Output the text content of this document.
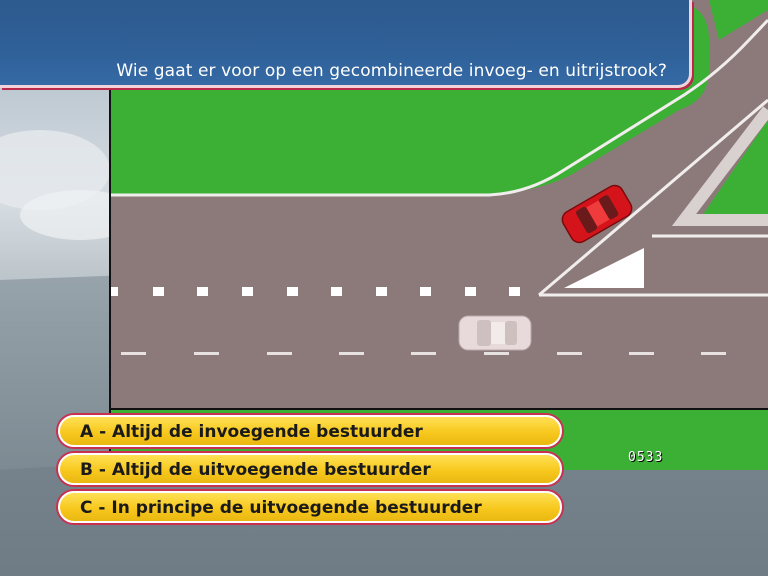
Wie gaat er voor op een gecombineerde invoeg- en uitrijstrook?
A - Altijd de invoegende bestuurder
B - Altijd de uitvoegende bestuurder
C - In principe de uitvoegende bestuurder
0533
